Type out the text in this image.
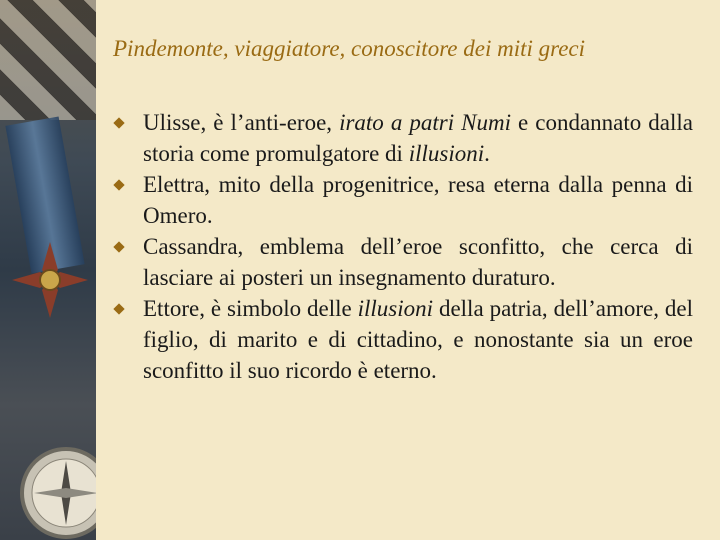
Pindemonte, viaggiatore, conoscitore dei miti greci
Ulisse, è l’anti-eroe, irato a patri Numi e condannato dalla storia come promulgatore di illusioni.
Elettra, mito della progenitrice, resa eterna dalla penna di Omero.
Cassandra, emblema dell’eroe sconfitto, che cerca di lasciare ai posteri un insegnamento duraturo.
Ettore, è simbolo delle illusioni della patria, dell’amore, del figlio, di marito e di cittadino, e nonostante sia un eroe sconfitto il suo ricordo è eterno.
